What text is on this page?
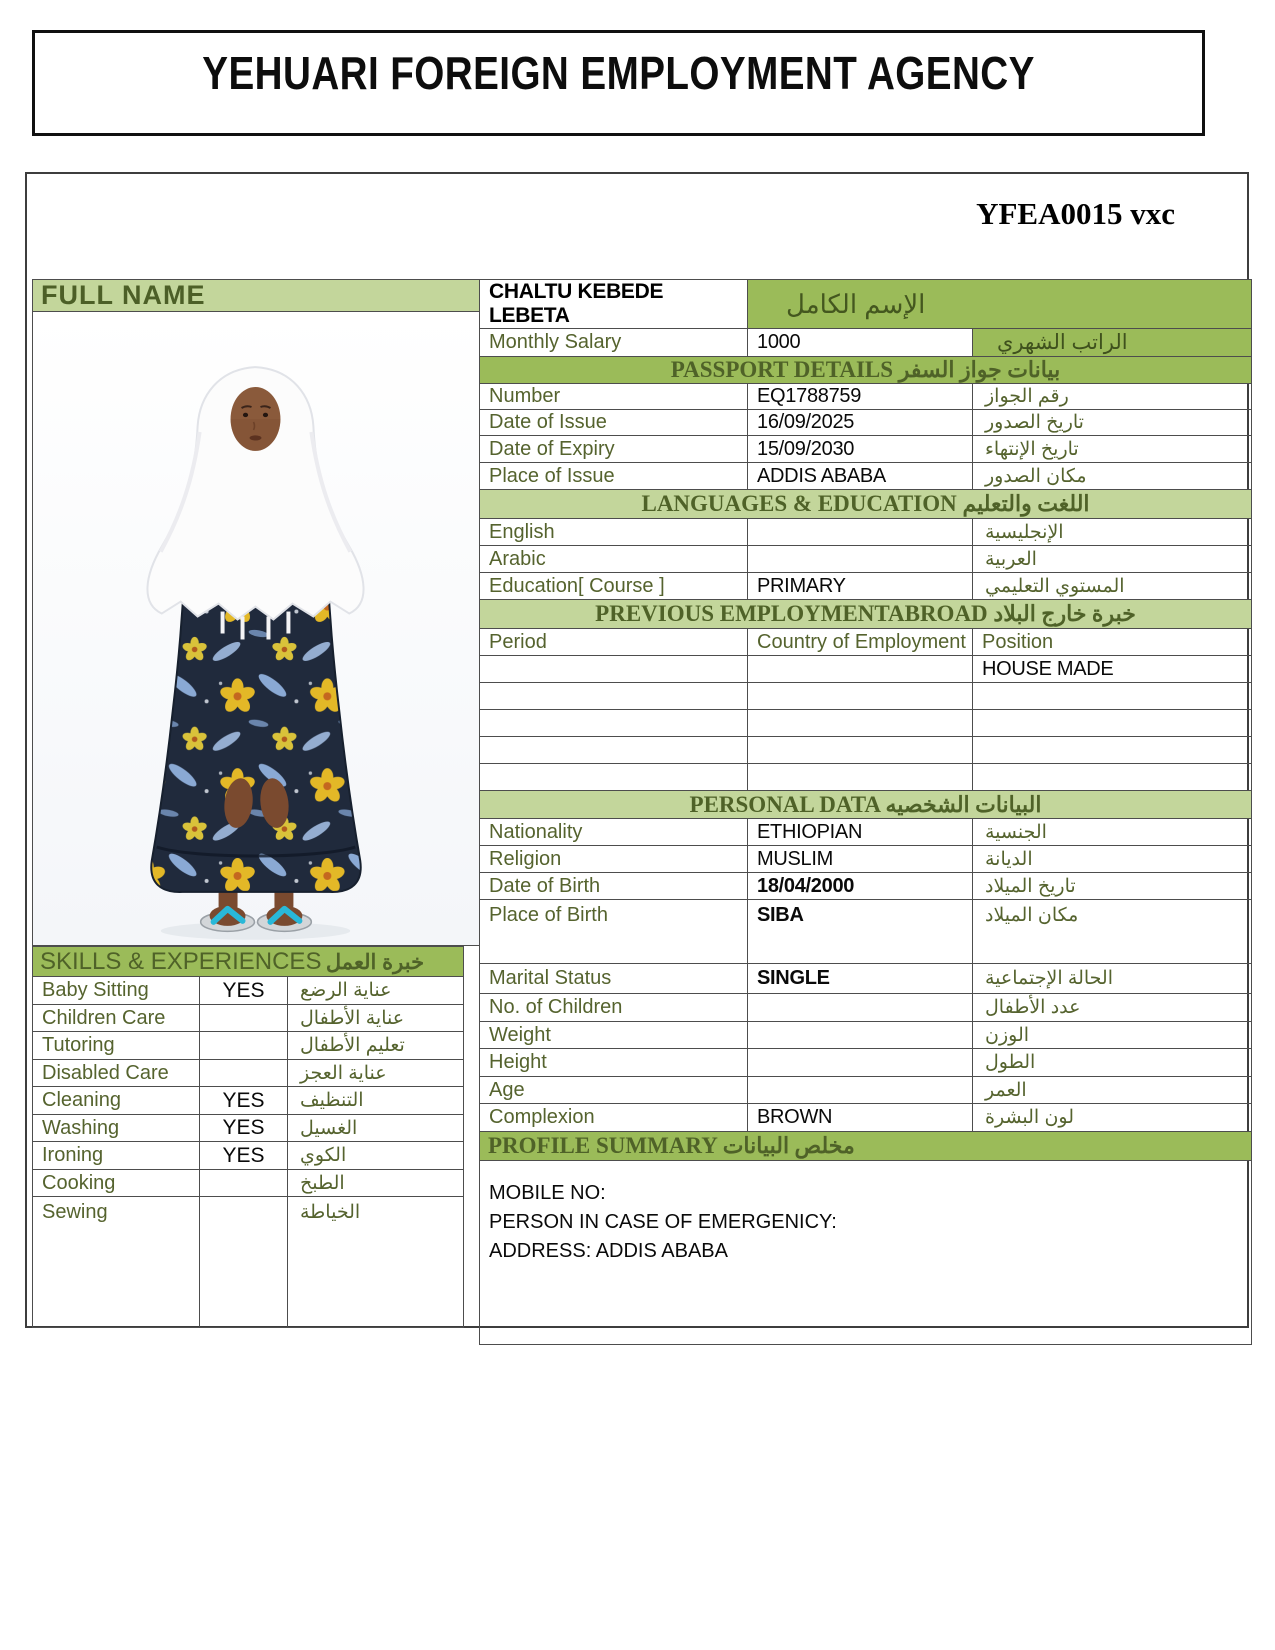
YEHUARI FOREIGN EMPLOYMENT AGENCY
YFEA0015 vxc
FULL NAME
SKILLS & EXPERIENCES خبرة العمل		
Baby Sitting	YES	عناية الرضع
Children Care		عناية الأطفال
Tutoring		تعليم الأطفال
Disabled Care		عناية العجز
Cleaning	YES	التنظيف
Washing	YES	الغسيل
Ironing	YES	الكوي
Cooking		الطبخ
Sewing		الخياطة
CHALTU KEBEDE LEBETA	الإسم الكامل	
Monthly Salary	1000	الراتب الشهري
PASSPORT DETAILS بيانات جواز السفر		
Number	EQ1788759	رقم الجواز
Date of Issue	16/09/2025	تاريخ الصدور
Date of Expiry	15/09/2030	تاريخ الإنتهاء
Place of Issue	ADDIS ABABA	مكان الصدور
LANGUAGES & EDUCATION اللغت والتعليم		
English		الإنجليسية
Arabic		العربية
Education[ Course ]	PRIMARY	المستوي التعليمي
PREVIOUS EMPLOYMENTABROAD خبرة خارج البلاد		
Period	Country of Employment	Position
		HOUSE MADE

PERSONAL DATA البيانات الشخصيه		
Nationality	ETHIOPIAN	الجنسية
Religion	MUSLIM	الديانة
Date of Birth	18/04/2000	تاريخ الميلاد
Place of Birth	SIBA	مكان الميلاد
Marital Status	SINGLE	الحالة الإجتماعية
No. of Children		عدد الأطفال
Weight		الوزن
Height		الطول
Age		العمر
Complexion	BROWN	لون البشرة
PROFILE SUMMARY مخلص البيانات		

MOBILE NO:
PERSON IN CASE OF EMERGENICY:
ADDRESS: ADDIS ABABA		
